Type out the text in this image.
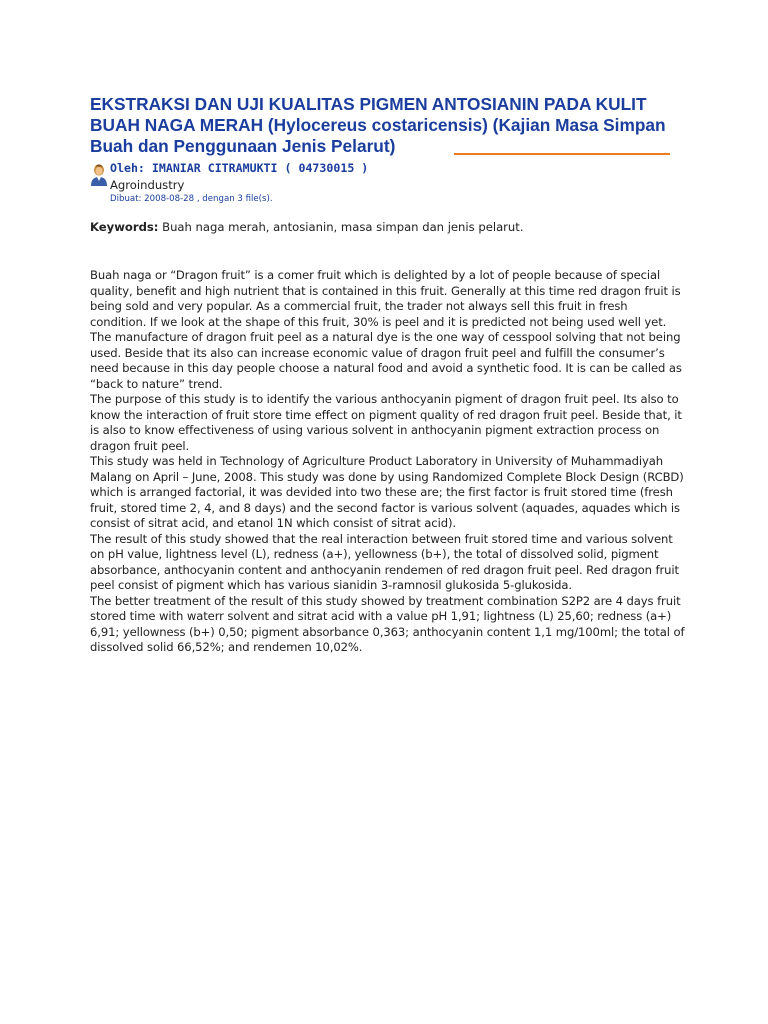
EKSTRAKSI DAN UJI KUALITAS PIGMEN ANTOSIANIN PADA KULIT BUAH NAGA MERAH (Hylocereus costaricensis) (Kajian Masa Simpan Buah dan Penggunaan Jenis Pelarut)
Oleh: IMANIAR CITRAMUKTI ( 04730015 )
Agroindustry
Dibuat: 2008-08-28 , dengan 3 file(s).
Keywords: Buah naga merah, antosianin, masa simpan dan jenis pelarut.

Buah naga or “Dragon fruit” is a comer fruit which is delighted by a lot of people because of special quality, benefit and high nutrient that is contained in this fruit. Generally at this time red dragon fruit is being sold and very popular. As a commercial fruit, the trader not always sell this fruit in fresh condition. If we look at the shape of this fruit, 30% is peel and it is predicted not being used well yet. The manufacture of dragon fruit peel as a natural dye is the one way of cesspool solving that not being used. Beside that its also can increase economic value of dragon fruit peel and fulfill the consumer’s need because in this day people choose a natural food and avoid a synthetic food. It is can be called as “back to nature” trend.

The purpose of this study is to identify the various anthocyanin pigment of dragon fruit peel. Its also to know the interaction of fruit store time effect on pigment quality of red dragon fruit peel. Beside that, it is also to know effectiveness of using various solvent in anthocyanin pigment extraction process on dragon fruit peel.

This study was held in Technology of Agriculture Product Laboratory in University of Muhammadiyah Malang on April – June, 2008. This study was done by using Randomized Complete Block Design (RCBD) which is arranged factorial, it was devided into two these are; the first factor is fruit stored time (fresh fruit, stored time 2, 4, and 8 days) and the second factor is various solvent (aquades, aquades which is consist of sitrat acid, and etanol 1N which consist of sitrat acid).

The result of this study showed that the real interaction between fruit stored time and various solvent on pH value, lightness level (L), redness (a+), yellowness (b+), the total of dissolved solid, pigment absorbance, anthocyanin content and anthocyanin rendemen of red dragon fruit peel. Red dragon fruit peel consist of pigment which has various sianidin 3-ramnosil glukosida 5-glukosida.

The better treatment of the result of this study showed by treatment combination S2P2 are 4 days fruit stored time with waterr solvent and sitrat acid with a value pH 1,91; lightness (L) 25,60; redness (a+) 6,91; yellowness (b+) 0,50; pigment absorbance 0,363; anthocyanin content 1,1 mg/100ml; the total of dissolved solid 66,52%; and rendemen 10,02%.
